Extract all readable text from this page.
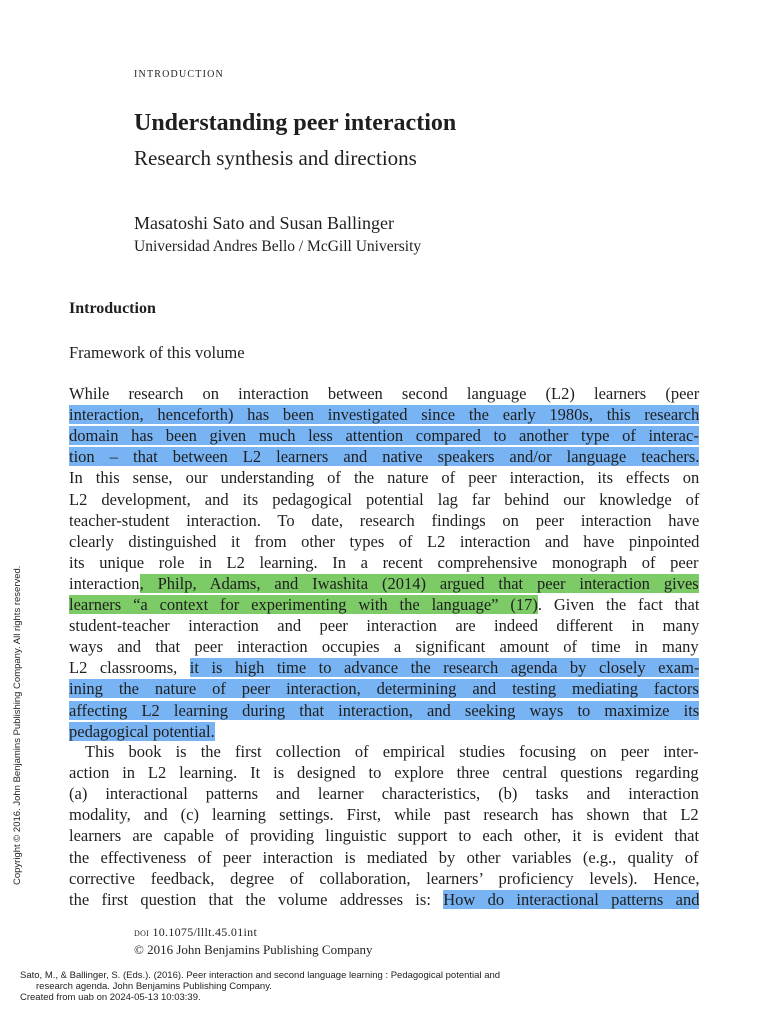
introduction
Understanding peer interaction
Research synthesis and directions
Masatoshi Sato and Susan Ballinger
Universidad Andres Bello / McGill University
Introduction
Framework of this volume
While research on interaction between second language (L2) learners (peer
interaction, henceforth) has been investigated since the early 1980s, this research
domain has been given much less attention compared to another type of interac-
tion – that between L2 learners and native speakers and/or language teachers.
In this sense, our understanding of the nature of peer interaction, its effects on
L2 development, and its pedagogical potential lag far behind our knowledge of
teacher-student interaction. To date, research findings on peer interaction have
clearly distinguished it from other types of L2 interaction and have pinpointed
its unique role in L2 learning. In a recent comprehensive monograph of peer
interaction, Philp, Adams, and Iwashita (2014) argued that peer interaction gives
learners “a context for experimenting with the language” (17). Given the fact that
student-teacher interaction and peer interaction are indeed different in many
ways and that peer interaction occupies a significant amount of time in many
L2 classrooms, it is high time to advance the research agenda by closely exam-
ining the nature of peer interaction, determining and testing mediating factors
affecting L2 learning during that interaction, and seeking ways to maximize its
pedagogical potential.
This book is the first collection of empirical studies focusing on peer inter-
action in L2 learning. It is designed to explore three central questions regarding
(a) interactional patterns and learner characteristics, (b) tasks and interaction
modality, and (c) learning settings. First, while past research has shown that L2
learners are capable of providing linguistic support to each other, it is evident that
the effectiveness of peer interaction is mediated by other variables (e.g., quality of
corrective feedback, degree of collaboration, learners’ proficiency levels). Hence,
the first question that the volume addresses is: How do interactional patterns and
doi 10.1075/lllt.45.01int
© 2016 John Benjamins Publishing Company
Copyright © 2016. John Benjamins Publishing Company. All rights reserved.
Sato, M., & Ballinger, S. (Eds.). (2016). Peer interaction and second language learning : Pedagogical potential and
research agenda. John Benjamins Publishing Company.
Created from uab on 2024-05-13 10:03:39.
